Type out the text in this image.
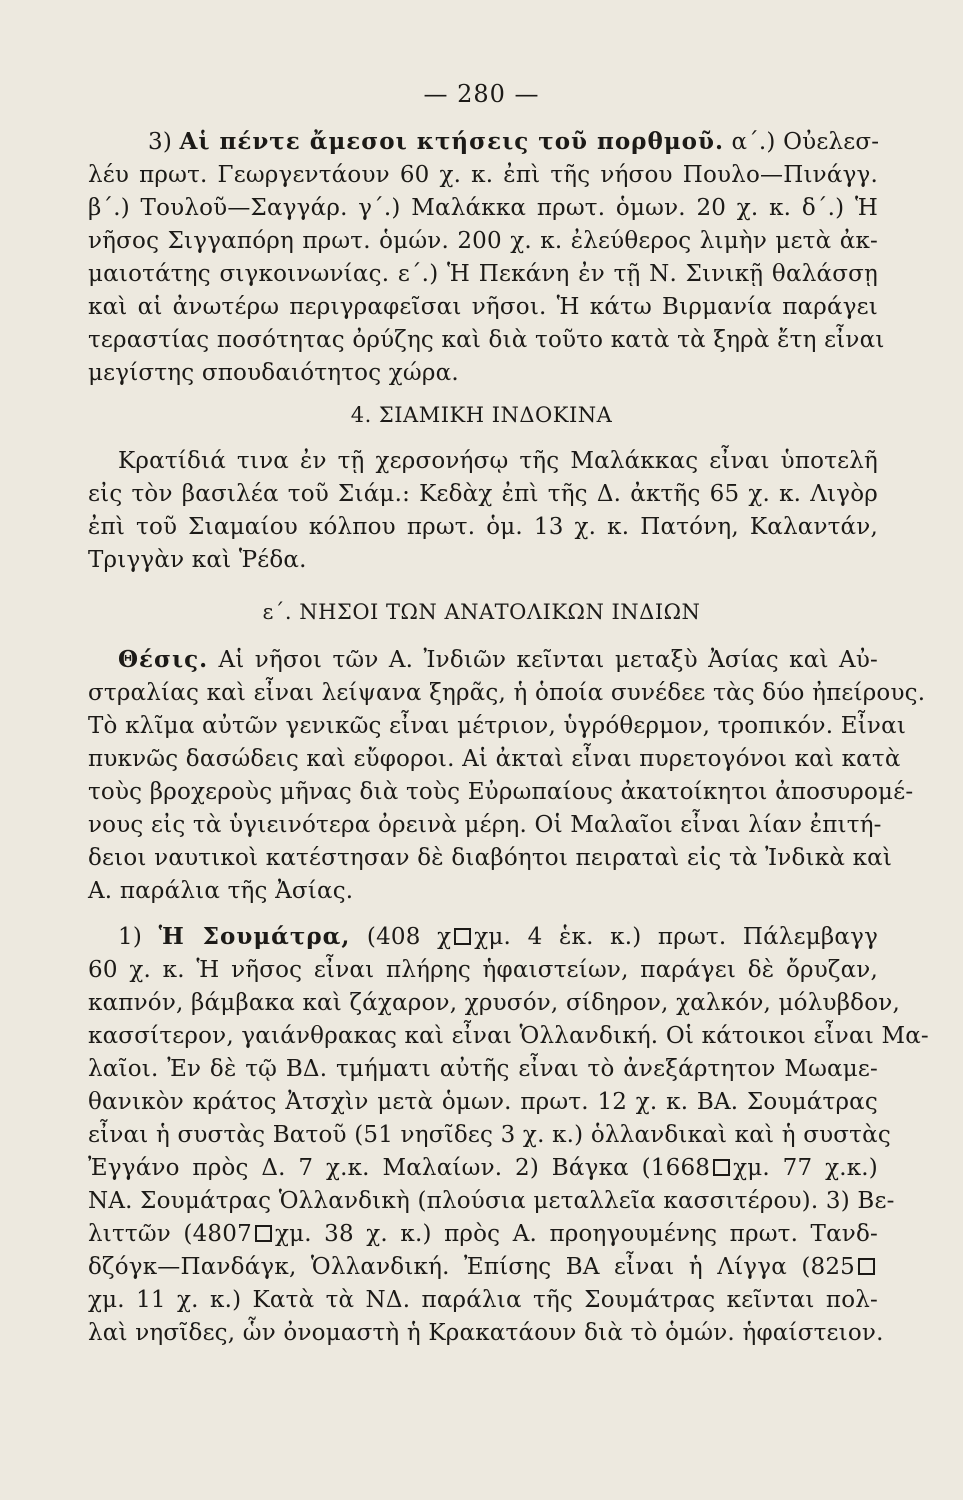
— 280 —
3) Αἱ πέντε ἄμεσοι κτήσεις τοῦ πορθμοῦ. α΄.) Οὐελεσ-
λέυ πρωτ. Γεωργεντάουν 60 χ. κ. ἐπὶ τῆς νήσου Πουλο—Πινάγγ.
β΄.) Τουλοῦ—Σαγγάρ. γ΄.) Μαλάκκα πρωτ. ὁμων. 20 χ. κ. δ΄.) Ἡ
νῆσος Σιγγαπόρη πρωτ. ὁμών. 200 χ. κ. ἐλεύθερος λιμὴν μετὰ ἀκ-
μαιοτάτης σιγκοινωνίας. ε΄.) Ἡ Πεκάνη ἐν τῇ Ν. Σινικῇ θαλάσσῃ
καὶ αἱ ἀνωτέρω περιγραφεῖσαι νῆσοι. Ἡ κάτω Βιρμανία παράγει
τεραστίας ποσότητας ὀρύζης καὶ διὰ τοῦτο κατὰ τὰ ξηρὰ ἔτη εἶναι
μεγίστης σπουδαιότητος χώρα.
4. ΣΙΑΜΙΚΗ ΙΝΔΟΚΙΝΑ
Κρατίδιά τινα ἐν τῇ χερσονήσῳ τῆς Μαλάκκας εἶναι ὑποτελῆ
εἰς τὸν βασιλέα τοῦ Σιάμ.: Κεδὰχ ἐπὶ τῆς Δ. ἀκτῆς 65 χ. κ. Λιγὸρ
ἐπὶ τοῦ Σιαμαίου κόλπου πρωτ. ὁμ. 13 χ. κ. Πατόνη, Καλαντάν,
Τριγγὰν καὶ Ῥέδα.
ε΄. ΝΗΣΟΙ ΤΩΝ ΑΝΑΤΟΛΙΚΩΝ ΙΝΔΙΩΝ
Θέσις. Αἱ νῆσοι τῶν Α. Ἰνδιῶν κεῖνται μεταξὺ Ἀσίας καὶ Αὐ-
στραλίας καὶ εἶναι λείψανα ξηρᾶς, ἡ ὁποία συνέδεε τὰς δύο ἠπείρους.
Τὸ κλῖμα αὐτῶν γενικῶς εἶναι μέτριον, ὑγρόθερμον, τροπικόν. Εἶναι
πυκνῶς δασώδεις καὶ εὔφοροι. Αἱ ἀκταὶ εἶναι πυρετογόνοι καὶ κατὰ
τοὺς βροχεροὺς μῆνας διὰ τοὺς Εὐρωπαίους ἀκατοίκητοι ἀποσυρομέ-
νους εἰς τὰ ὑγιεινότερα ὀρεινὰ μέρη. Οἱ Μαλαῖοι εἶναι λίαν ἐπιτή-
δειοι ναυτικοὶ κατέστησαν δὲ διαβόητοι πειραταὶ εἰς τὰ Ἰνδικὰ καὶ
Α. παράλια τῆς Ἀσίας.
1) Ἡ Σουμάτρα, (408 χ χμ. 4 ἑκ. κ.) πρωτ. Πάλεμβαγγ
60 χ. κ. Ἡ νῆσος εἶναι πλήρης ἡφαιστείων, παράγει δὲ ὄρυζαν,
καπνόν, βάμβακα καὶ ζάχαρον, χρυσόν, σίδηρον, χαλκόν, μόλυβδον,
κασσίτερον, γαιάνθρακας καὶ εἶναι Ὁλλανδική. Οἱ κάτοικοι εἶναι Μα-
λαῖοι. Ἐν δὲ τῷ ΒΔ. τμήματι αὐτῆς εἶναι τὸ ἀνεξάρτητον Μωαμε-
θανικὸν κράτος Ἀτσχὶν μετὰ ὁμων. πρωτ. 12 χ. κ. ΒΑ. Σουμάτρας
εἶναι ἡ συστὰς Βατοῦ (51 νησῖδες 3 χ. κ.) ὁλλανδικαὶ καὶ ἡ συστὰς
Ἐγγάνο πρὸς Δ. 7 χ.κ. Μαλαίων. 2) Βάγκα (1668 χμ. 77 χ.κ.)
ΝΑ. Σουμάτρας Ὁλλανδικὴ (πλούσια μεταλλεῖα κασσιτέρου). 3) Βε-
λιττῶν (4807 χμ. 38 χ. κ.) πρὸς Α. προηγουμένης πρωτ. Τανδ-
δζόγκ—Πανδάγκ, Ὁλλανδική. Ἐπίσης ΒΑ εἶναι ἡ Λίγγα (825
χμ. 11 χ. κ.) Κατὰ τὰ ΝΔ. παράλια τῆς Σουμάτρας κεῖνται πολ-
λαὶ νησῖδες, ὧν ὀνομαστὴ ἡ Κρακατάουν διὰ τὸ ὁμών. ἡφαίστειον.
